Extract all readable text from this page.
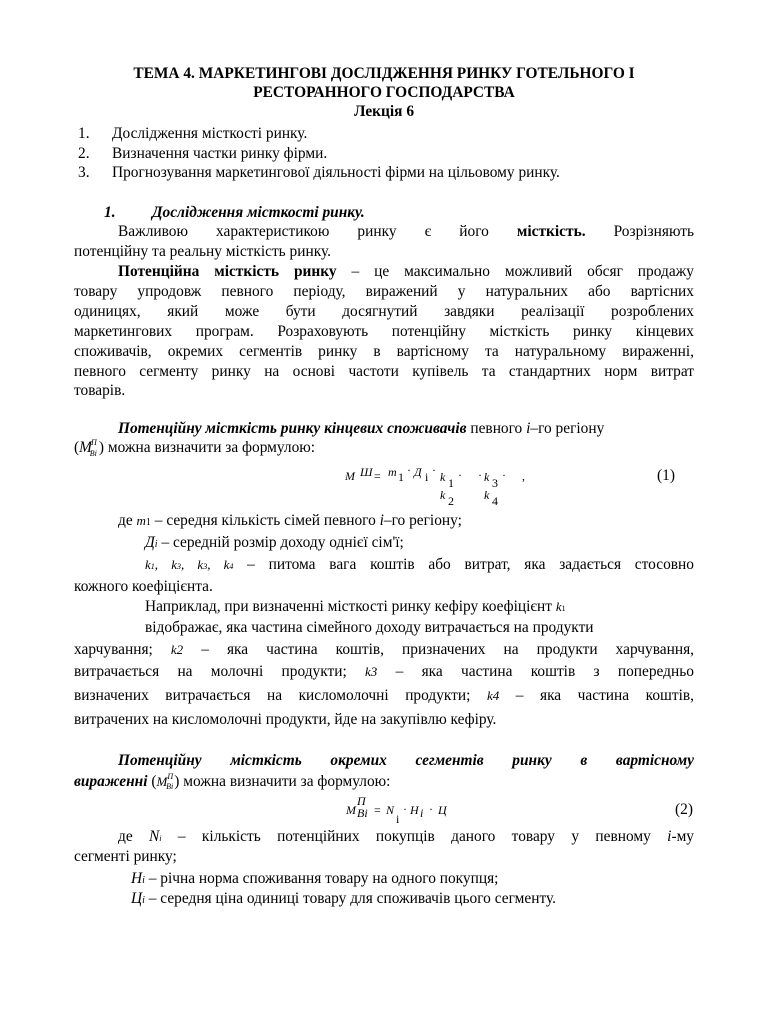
ТЕМА 4. МАРКЕТИНГОВІ ДОСЛІДЖЕННЯ РИНКУ ГОТЕЛЬНОГО І
РЕСТОРАННОГО ГОСПОДАРСТВА
Лекція 6
1. Дослідження місткості ринку.
2. Визначення частки ринку фірми.
3. Прогнозування маркетингової діяльності фірми на цільовому ринку.
1. Дослідження місткості ринку.
Важливою характеристикою ринку є його місткість. Розрізняють
потенційну та реальну місткість ринку.
Потенційна місткість ринку – це максимально можливий обсяг продажу
товару упродовж певного періоду, виражений у натуральних або вартісних
одиницях, який може бути досягнутий завдяки реалізації розроблених
маркетингових програм. Розраховують потенційну місткість ринку кінцевих
споживачів, окремих сегментів ринку в вартісному та натуральному вираженні,
певного сегменту ринку на основі частоти купівель та стандартних норм витрат
товарів.
Потенційну місткість ринку кінцевих споживачів певного i–го регіону
($M^П_{Ві}$ ) можна визначити за формулою:
M Ш = m 1 · Д i · k 1
· · k 3
·
k 2	k 4
,	(1)
де m1 – середня кількість сімей певного i–го регіону;
Дi – середній розмір доходу однієї сім'ї;
k1, k3, k3, k4 – питома вага коштів або витрат, яка задається стосовно
кожного коефіцієнта.
Наприклад, при визначенні місткості ринку кефіру коефіцієнт k1
відображає, яка частина сімейного доходу витрачається на продукти
харчування; k2 – яка частина коштів, призначених на продукти харчування,
витрачається на молочні продукти; k3 – яка частина коштів з попередньо
визначених витрачається на кисломолочні продукти; k4 – яка частина коштів,
витрачених на кисломолочні продукти, йде на закупівлю кефіру.
Потенційну місткість окремих сегментів ринку в вартісному
вираженні $(M^П_{Ві})$ можна визначити за формулою:
M
П
Ві = N
i
· H i · Ц	(2)
де Ni – кількість потенційних покупців даного товару у певному i-му
сегменті ринку;
Hi – річна норма споживання товару на одного покупця;
Цi – середня ціна одиниці товару для споживачів цього сегменту.
